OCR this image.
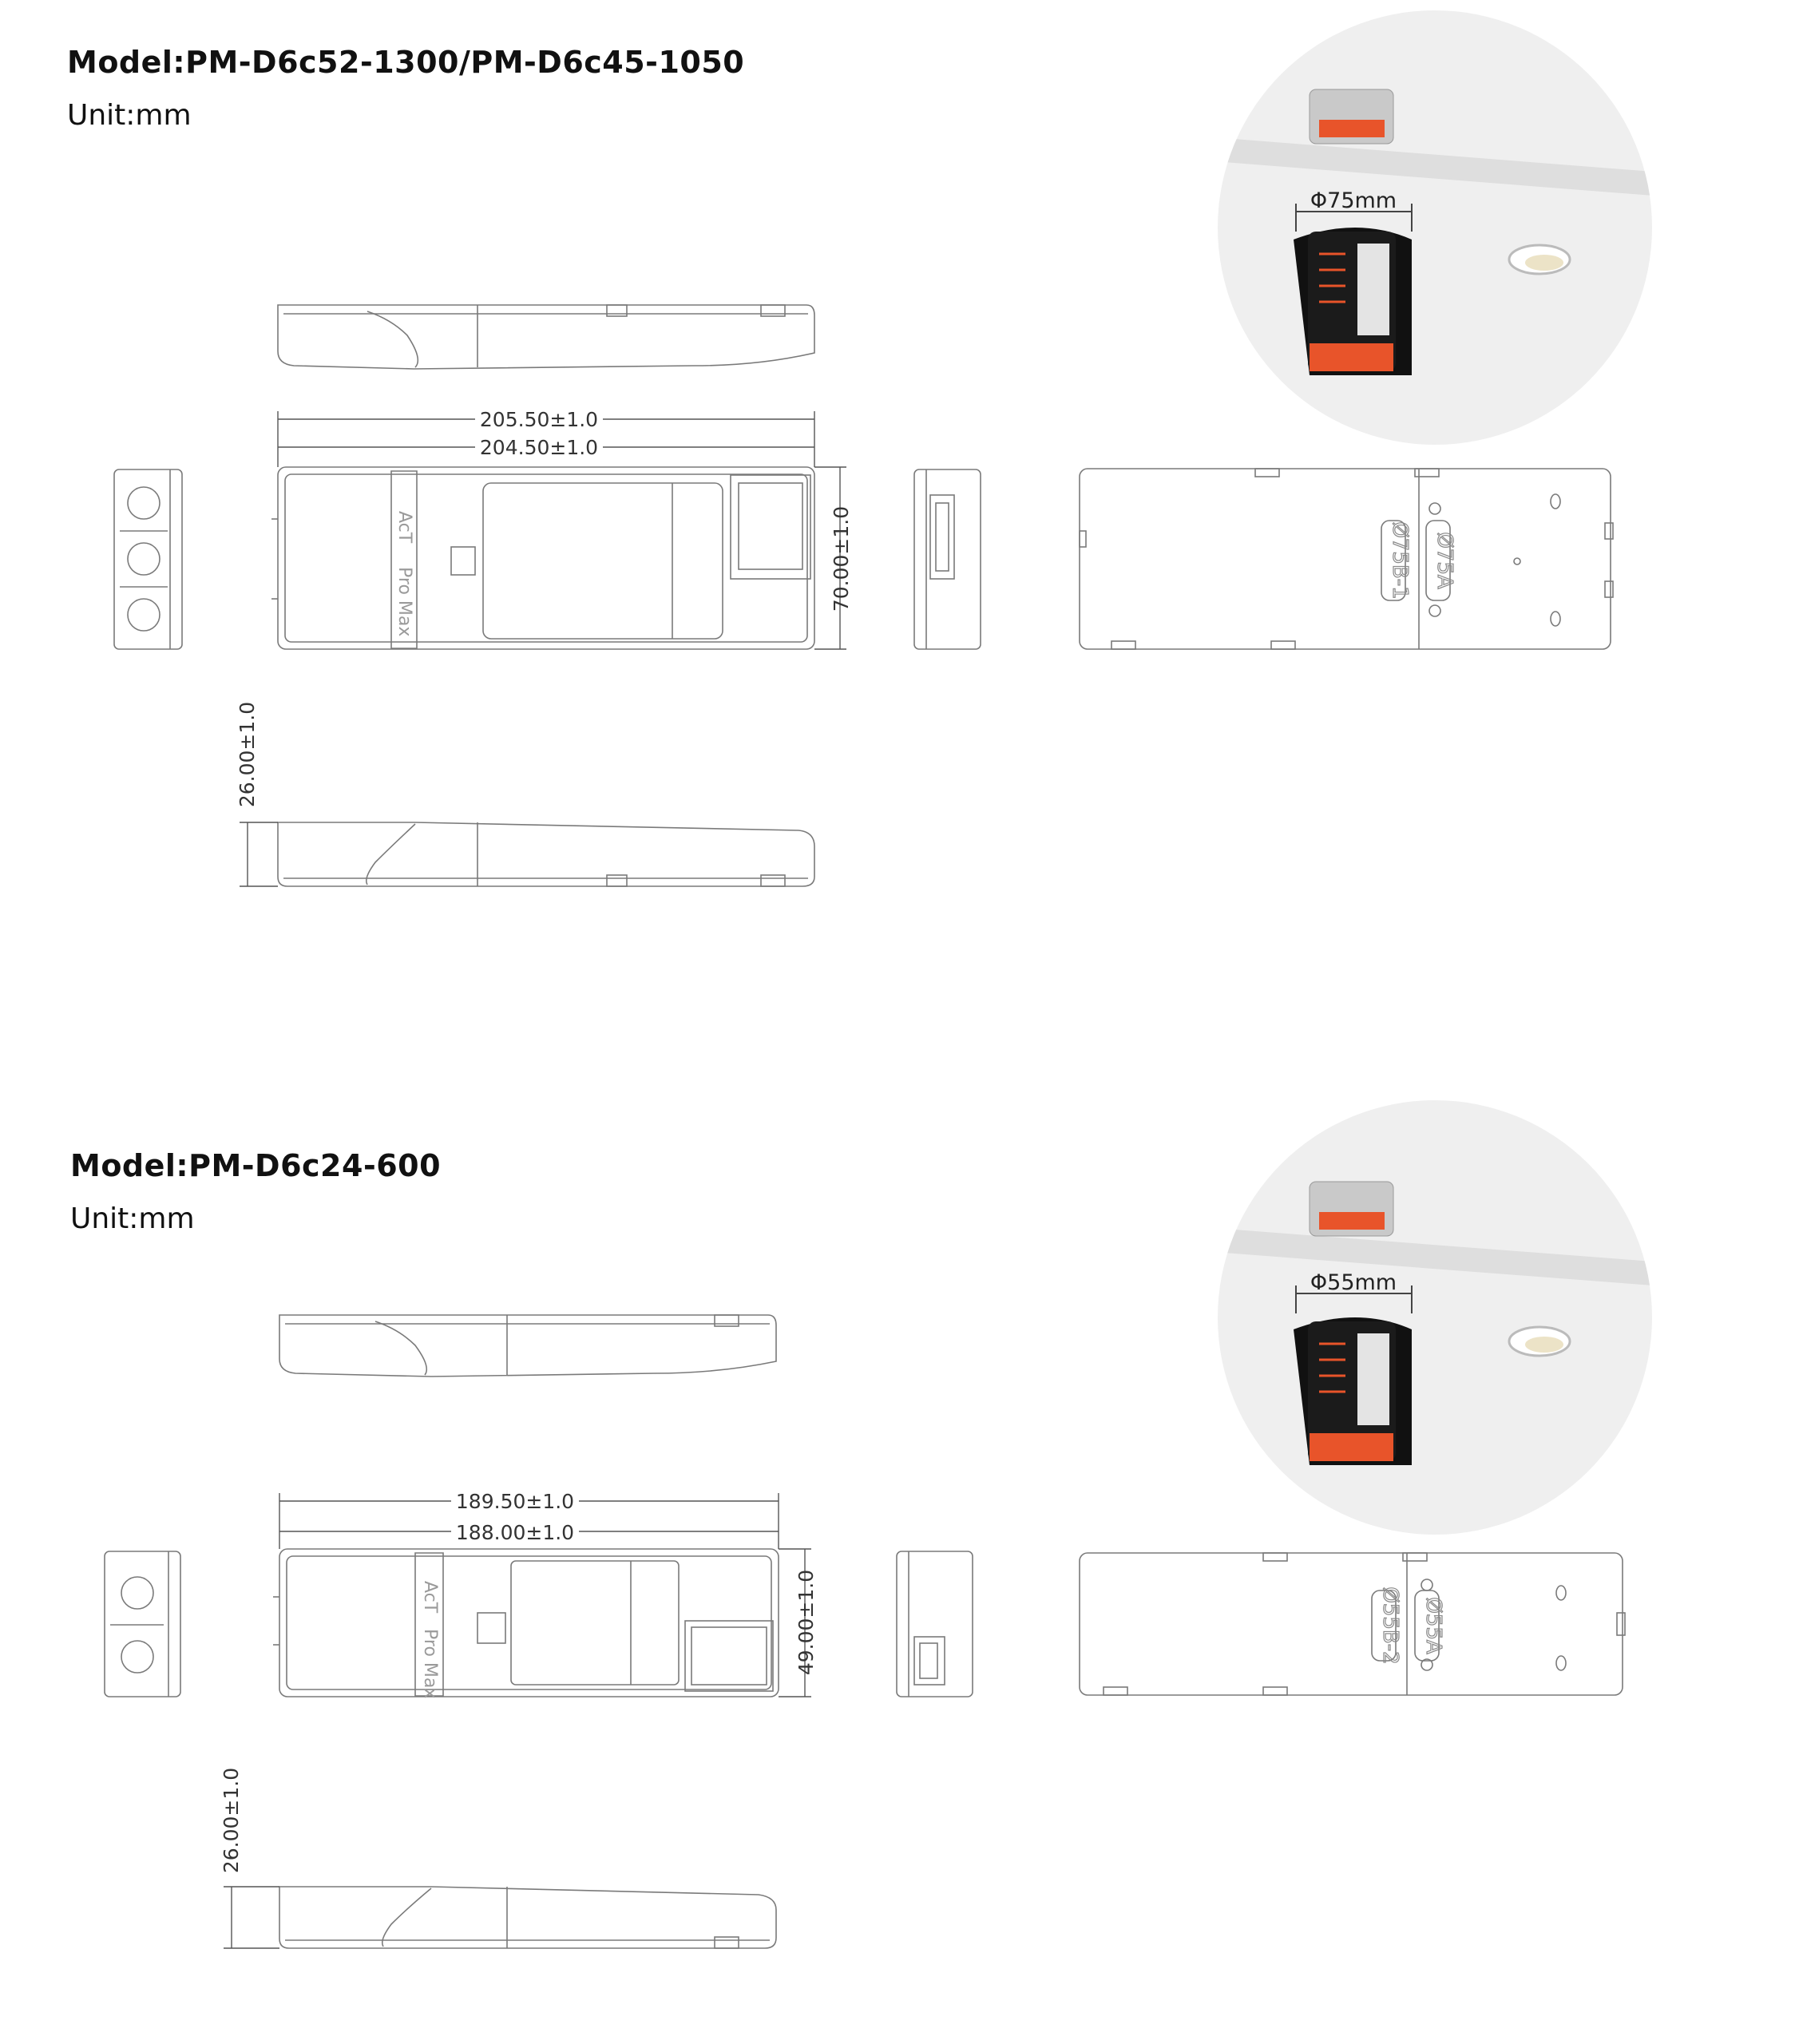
Model:PM-D6c52-1300/PM-D6c45-1050
Unit:mm
Φ75mm
Ø75B-1 Ø75A
AcT
Pro Max
205.50±1.0
204.50±1.0
70.00±1.0
26.00±1.0
Model:PM-D6c24-600
Unit:mm
Φ55mm
Ø55B-2 Ø55A
AcT
Pro Max
189.50±1.0
188.00±1.0
49.00±1.0
26.00±1.0
